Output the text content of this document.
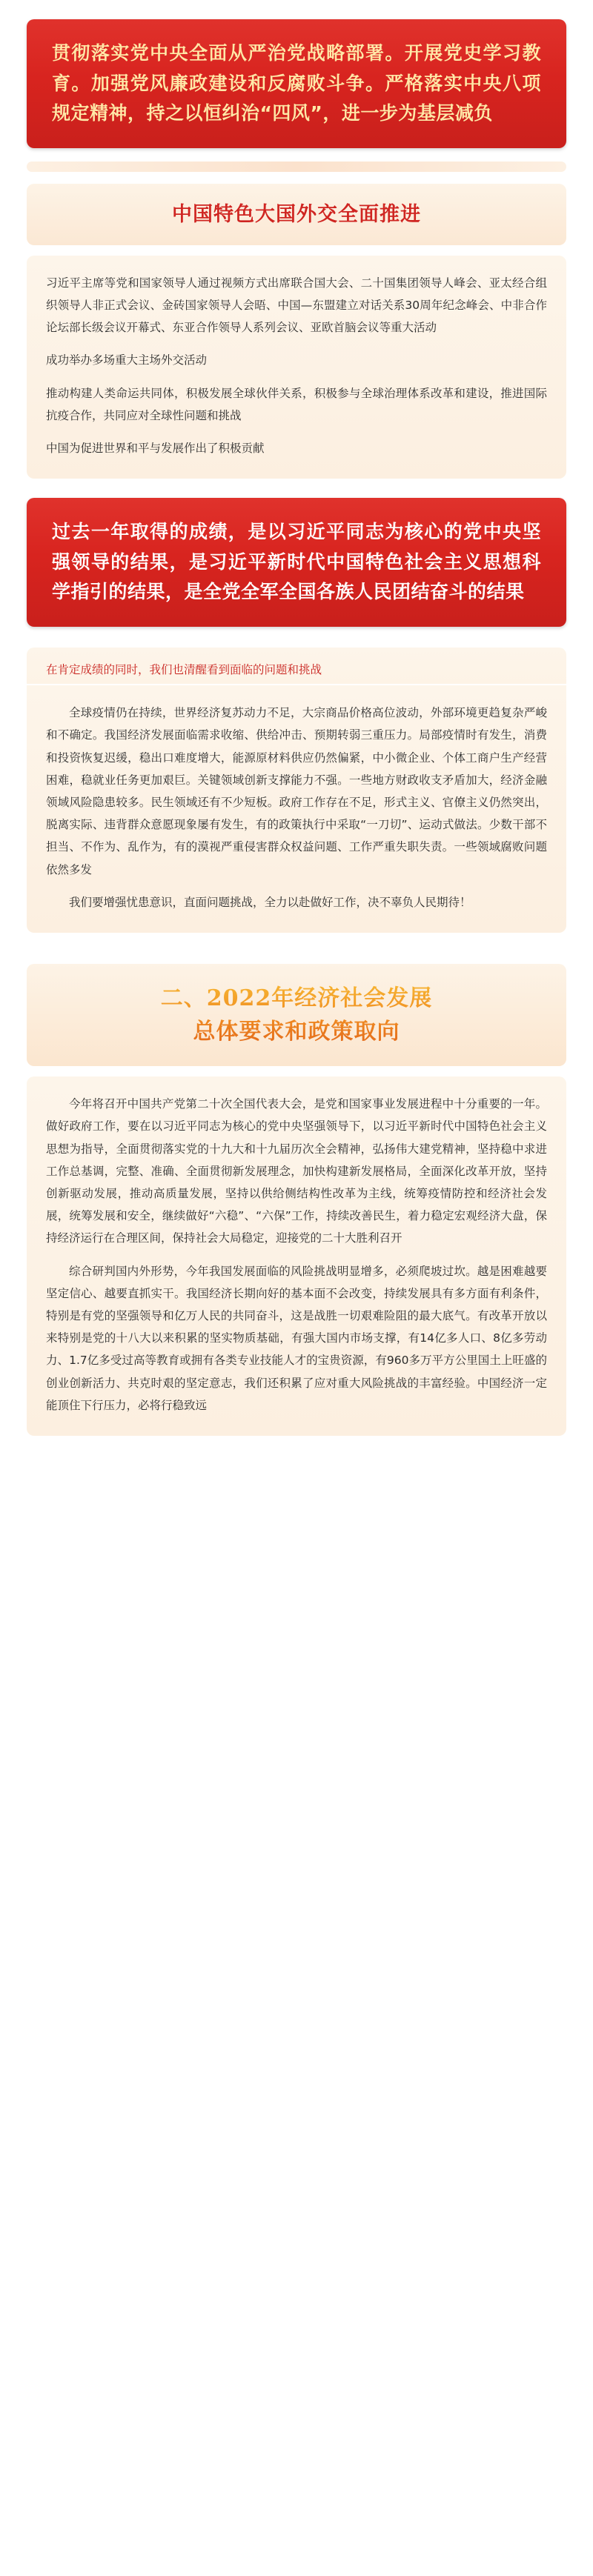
贯彻落实党中央全面从严治党战略部署。开展党史学习教育。加强党风廉政建设和反腐败斗争。严格落实中央八项规定精神，持之以恒纠治“四风”，进一步为基层减负

中国特色大国外交全面推进

习近平主席等党和国家领导人通过视频方式出席联合国大会、二十国集团领导人峰会、亚太经合组织领导人非正式会议、金砖国家领导人会晤、中国—东盟建立对话关系30周年纪念峰会、中非合作论坛部长级会议开幕式、东亚合作领导人系列会议、亚欧首脑会议等重大活动

成功举办多场重大主场外交活动

推动构建人类命运共同体，积极发展全球伙伴关系，积极参与全球治理体系改革和建设，推进国际抗疫合作，共同应对全球性问题和挑战

中国为促进世界和平与发展作出了积极贡献

过去一年取得的成绩，是以习近平同志为核心的党中央坚强领导的结果，是习近平新时代中国特色社会主义思想科学指引的结果，是全党全军全国各族人民团结奋斗的结果

在肯定成绩的同时，我们也清醒看到面临的问题和挑战

全球疫情仍在持续，世界经济复苏动力不足，大宗商品价格高位波动，外部环境更趋复杂严峻和不确定。我国经济发展面临需求收缩、供给冲击、预期转弱三重压力。局部疫情时有发生，消费和投资恢复迟缓，稳出口难度增大，能源原材料供应仍然偏紧，中小微企业、个体工商户生产经营困难，稳就业任务更加艰巨。关键领域创新支撑能力不强。一些地方财政收支矛盾加大，经济金融领域风险隐患较多。民生领域还有不少短板。政府工作存在不足，形式主义、官僚主义仍然突出，脱离实际、违背群众意愿现象屡有发生，有的政策执行中采取“一刀切”、运动式做法。少数干部不担当、不作为、乱作为，有的漠视严重侵害群众权益问题、工作严重失职失责。一些领域腐败问题依然多发

我们要增强忧患意识，直面问题挑战，全力以赴做好工作，决不辜负人民期待！

二、2022年经济社会发展
总体要求和政策取向

今年将召开中国共产党第二十次全国代表大会，是党和国家事业发展进程中十分重要的一年。做好政府工作，要在以习近平同志为核心的党中央坚强领导下，以习近平新时代中国特色社会主义思想为指导，全面贯彻落实党的十九大和十九届历次全会精神，弘扬伟大建党精神，坚持稳中求进工作总基调，完整、准确、全面贯彻新发展理念，加快构建新发展格局，全面深化改革开放，坚持创新驱动发展，推动高质量发展，坚持以供给侧结构性改革为主线，统筹疫情防控和经济社会发展，统筹发展和安全，继续做好“六稳”、“六保”工作，持续改善民生，着力稳定宏观经济大盘，保持经济运行在合理区间，保持社会大局稳定，迎接党的二十大胜利召开

综合研判国内外形势，今年我国发展面临的风险挑战明显增多，必须爬坡过坎。越是困难越要坚定信心、越要直抓实干。我国经济长期向好的基本面不会改变，持续发展具有多方面有利条件，特别是有党的坚强领导和亿万人民的共同奋斗，这是战胜一切艰难险阻的最大底气。有改革开放以来特别是党的十八大以来积累的坚实物质基础，有强大国内市场支撑，有14亿多人口、8亿多劳动力、1.7亿多受过高等教育或拥有各类专业技能人才的宝贵资源，有960多万平方公里国土上旺盛的创业创新活力、共克时艰的坚定意志，我们还积累了应对重大风险挑战的丰富经验。中国经济一定能顶住下行压力，必将行稳致远
